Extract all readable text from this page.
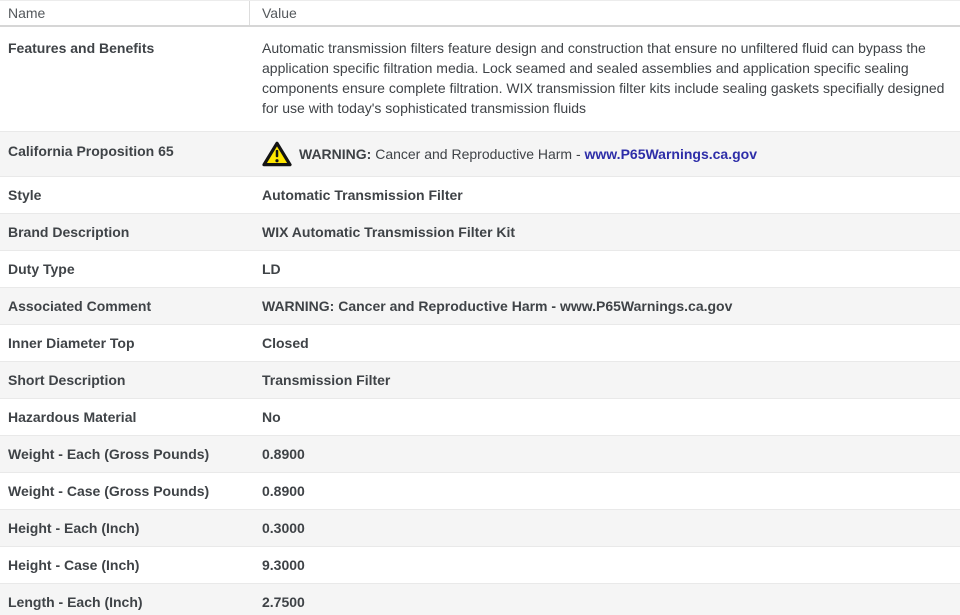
Name	Value
Features and Benefits	Automatic transmission filters feature design and construction that ensure no unfiltered fluid can bypass the application specific filtration media. Lock seamed and sealed assemblies and application specific sealing components ensure complete filtration. WIX transmission filter kits include sealing gaskets specifially designed for use with today's sophisticated transmission fluids
California Proposition 65	WARNING: Cancer and Reproductive Harm - www.P65Warnings.ca.gov
Style	Automatic Transmission Filter
Brand Description	WIX Automatic Transmission Filter Kit
Duty Type	LD
Associated Comment	WARNING: Cancer and Reproductive Harm - www.P65Warnings.ca.gov
Inner Diameter Top	Closed
Short Description	Transmission Filter
Hazardous Material	No
Weight - Each (Gross Pounds)	0.8900
Weight - Case (Gross Pounds)	0.8900
Height - Each (Inch)	0.3000
Height - Case (Inch)	9.3000
Length - Each (Inch)	2.7500
